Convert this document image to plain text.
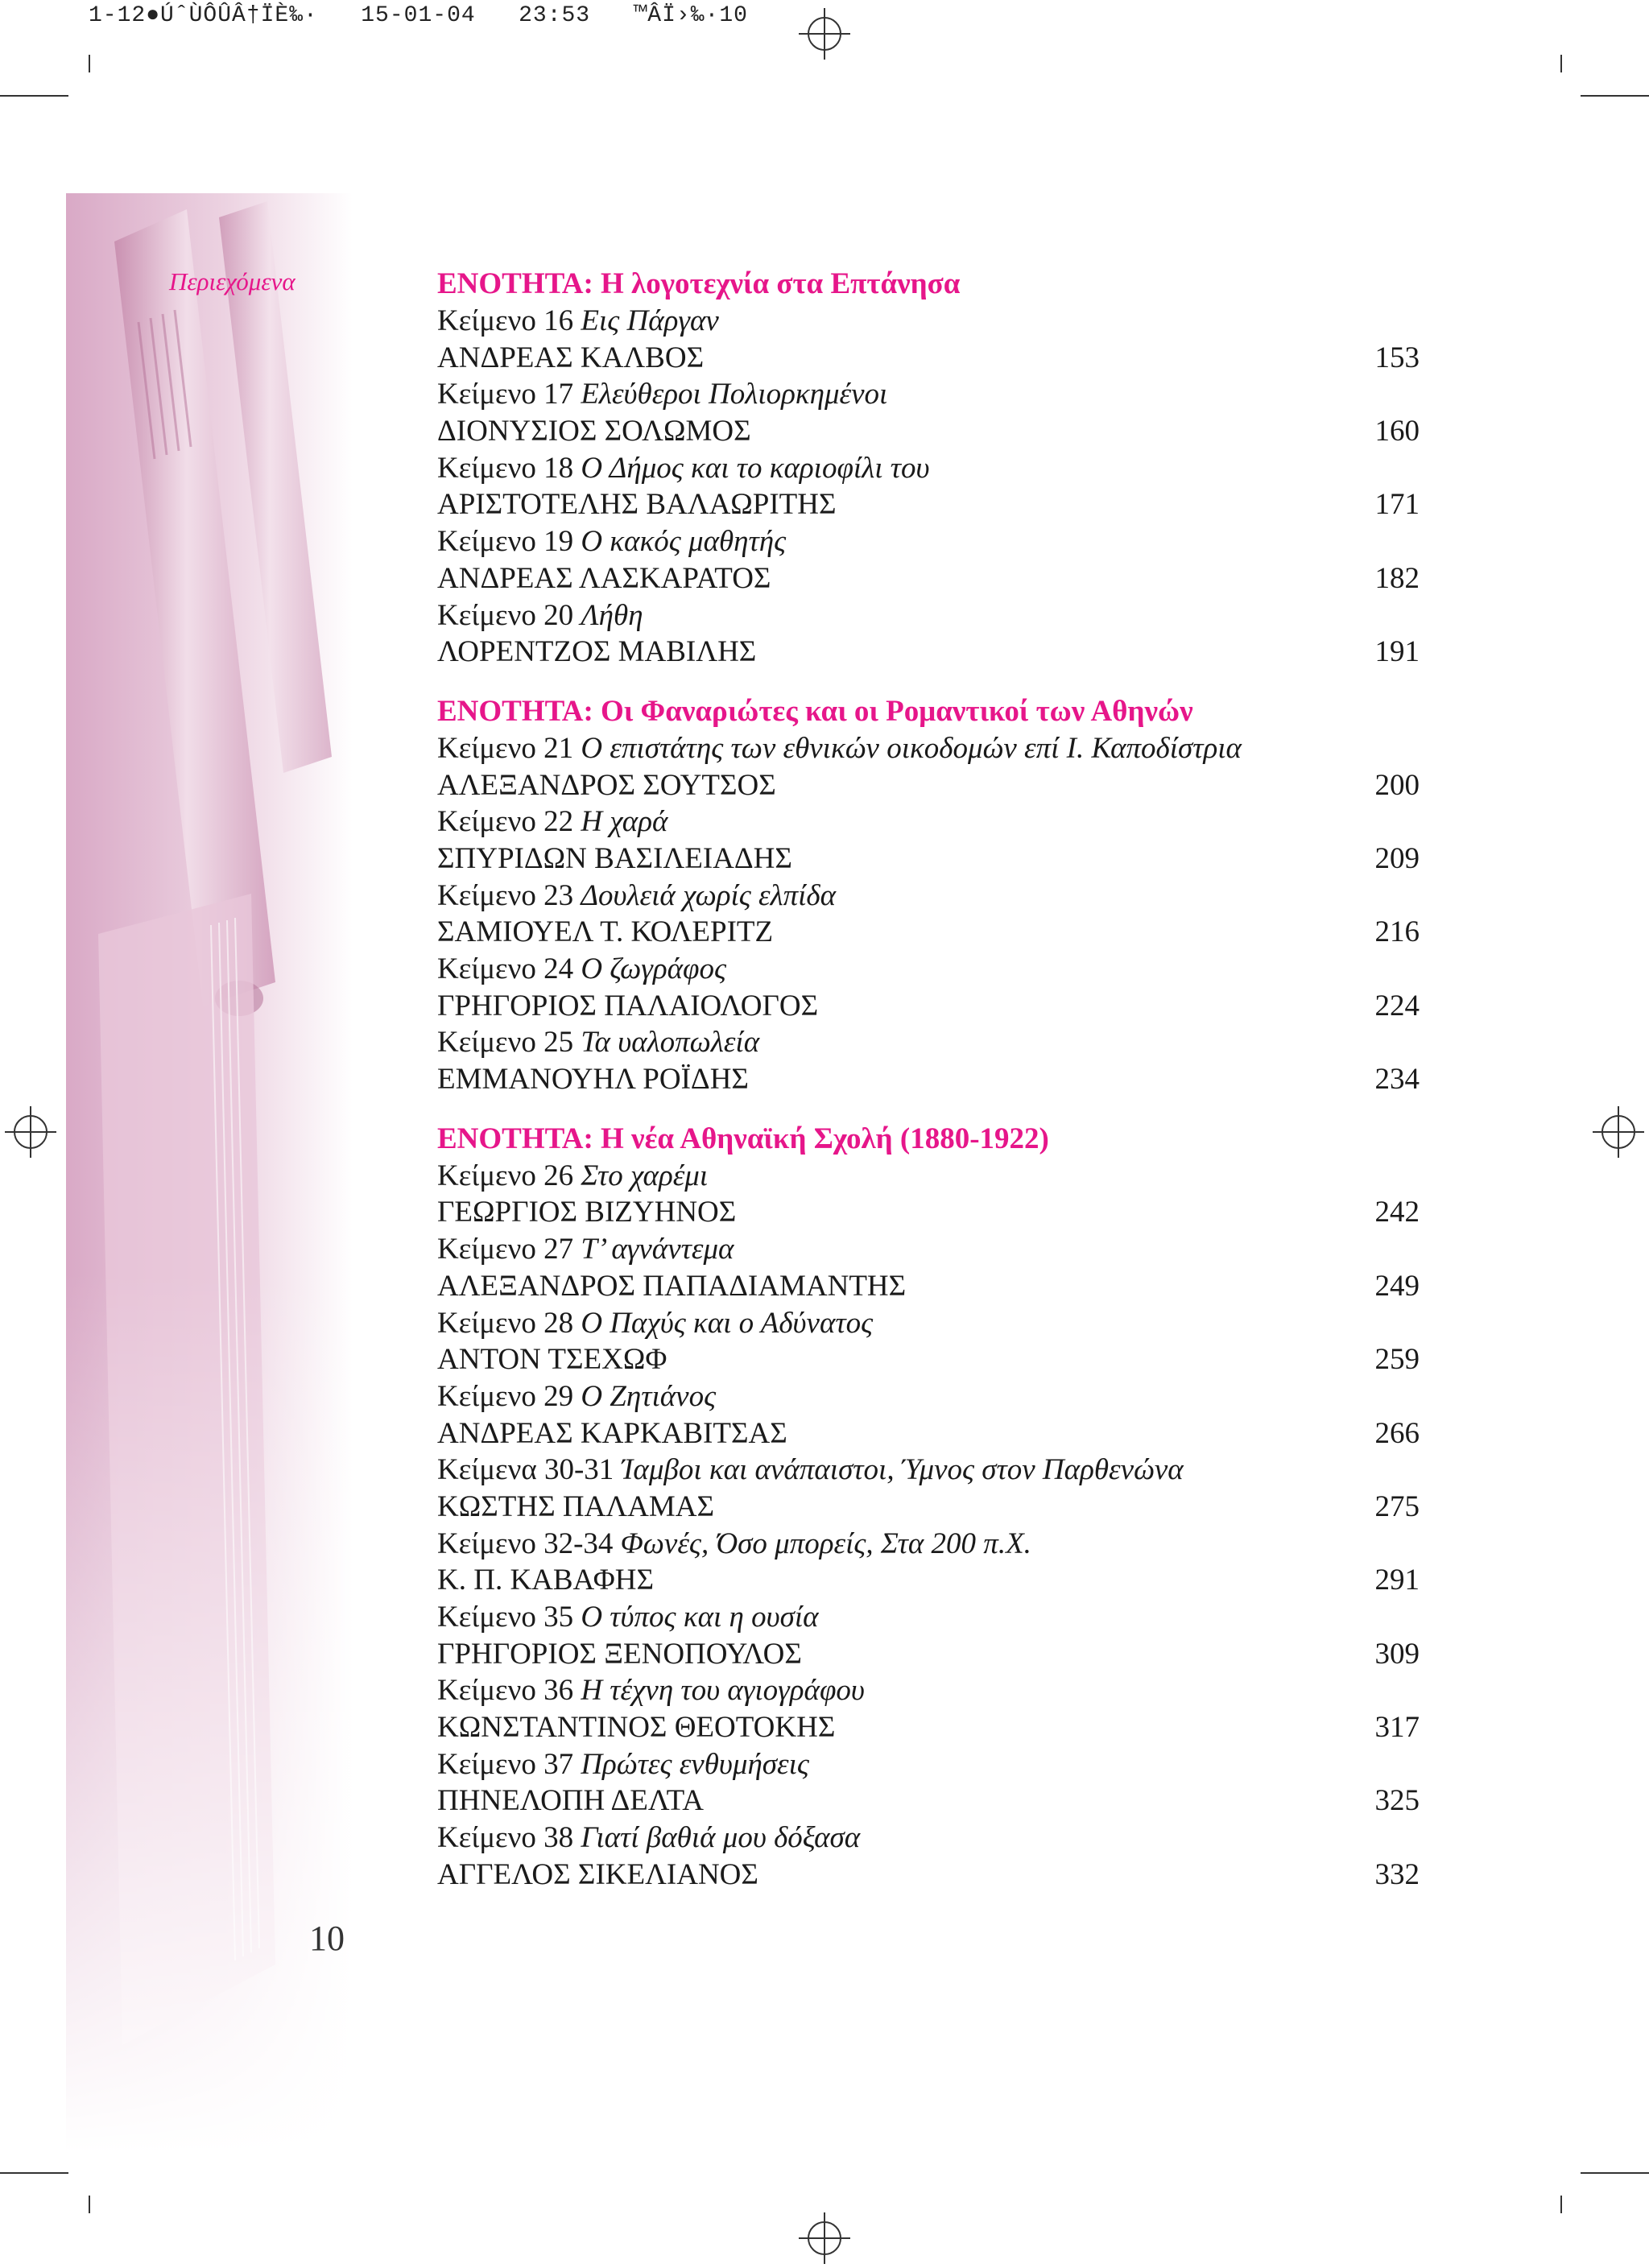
1-12●ÚˆÙÔÛÂ†ÏÈ‰·   15-01-04   23:53   ™ÂÏ›‰·10
Περιεχόμενα
10
ΕΝΟΤΗΤΑ: Η λογοτεχνία στα Επτάνησα
Κείμενο 16 Εις Πάργαν
ΑΝΔΡΕΑΣ ΚΑΛΒΟΣ	153
Κείμενο 17 Ελεύθεροι Πολιορκημένοι
ΔΙΟΝΥΣΙΟΣ ΣΟΛΩΜΟΣ	160
Κείμενο 18 Ο Δήμος και το καριοφίλι του
ΑΡΙΣΤΟΤΕΛΗΣ ΒΑΛΑΩΡΙΤΗΣ	171
Κείμενο 19 Ο κακός μαθητής
ΑΝΔΡΕΑΣ ΛΑΣΚΑΡΑΤΟΣ	182
Κείμενο 20 Λήθη
ΛΟΡΕΝΤΖΟΣ ΜΑΒΙΛΗΣ	191
ΕΝΟΤΗΤΑ: Οι Φαναριώτες και οι Ρομαντικοί των Αθηνών
Κείμενο 21 Ο επιστάτης των εθνικών οικοδομών επί Ι. Καποδίστρια
ΑΛΕΞΑΝΔΡΟΣ ΣΟΥΤΣΟΣ	200
Κείμενο 22 Η χαρά
ΣΠΥΡΙΔΩΝ ΒΑΣΙΛΕΙΑΔΗΣ	209
Κείμενο 23 Δουλειά χωρίς ελπίδα
ΣΑΜΙΟΥΕΛ Τ. ΚΟΛΕΡΙΤΖ	216
Κείμενο 24 Ο ζωγράφος
ΓΡΗΓΟΡΙΟΣ ΠΑΛΑΙΟΛΟΓΟΣ	224
Κείμενο 25 Τα υαλοπωλεία
ΕΜΜΑΝΟΥΗΛ ΡΟΪΔΗΣ	234
ΕΝΟΤΗΤΑ: Η νέα Αθηναϊκή Σχολή (1880-1922)
Κείμενο 26 Στο χαρέμι
ΓΕΩΡΓΙΟΣ ΒΙΖΥΗΝΟΣ	242
Κείμενο 27 Τ’ αγνάντεμα
ΑΛΕΞΑΝΔΡΟΣ ΠΑΠΑΔΙΑΜΑΝΤΗΣ	249
Κείμενο 28 Ο Παχύς και ο Αδύνατος
ΑΝΤΟΝ ΤΣΕΧΩΦ	259
Κείμενο 29 Ο Ζητιάνος
ΑΝΔΡΕΑΣ ΚΑΡΚΑΒΙΤΣΑΣ	266
Κείμενα 30-31 Ίαμβοι και ανάπαιστοι, Ύμνος στον Παρθενώνα
ΚΩΣΤΗΣ ΠΑΛΑΜΑΣ	275
Κείμενο 32-34 Φωνές, Όσο μπορείς, Στα 200 π.Χ.
Κ. Π. ΚΑΒΑΦΗΣ	291
Κείμενο 35 Ο τύπος και η ουσία
ΓΡΗΓΟΡΙΟΣ ΞΕΝΟΠΟΥΛΟΣ	309
Κείμενο 36 Η τέχνη του αγιογράφου
ΚΩΝΣΤΑΝΤΙΝΟΣ ΘΕΟΤΟΚΗΣ	317
Κείμενο 37 Πρώτες ενθυμήσεις
ΠΗΝΕΛΟΠΗ ΔΕΛΤΑ	325
Κείμενο 38 Γιατί βαθιά μου δόξασα
ΑΓΓΕΛΟΣ ΣΙΚΕΛΙΑΝΟΣ	332
